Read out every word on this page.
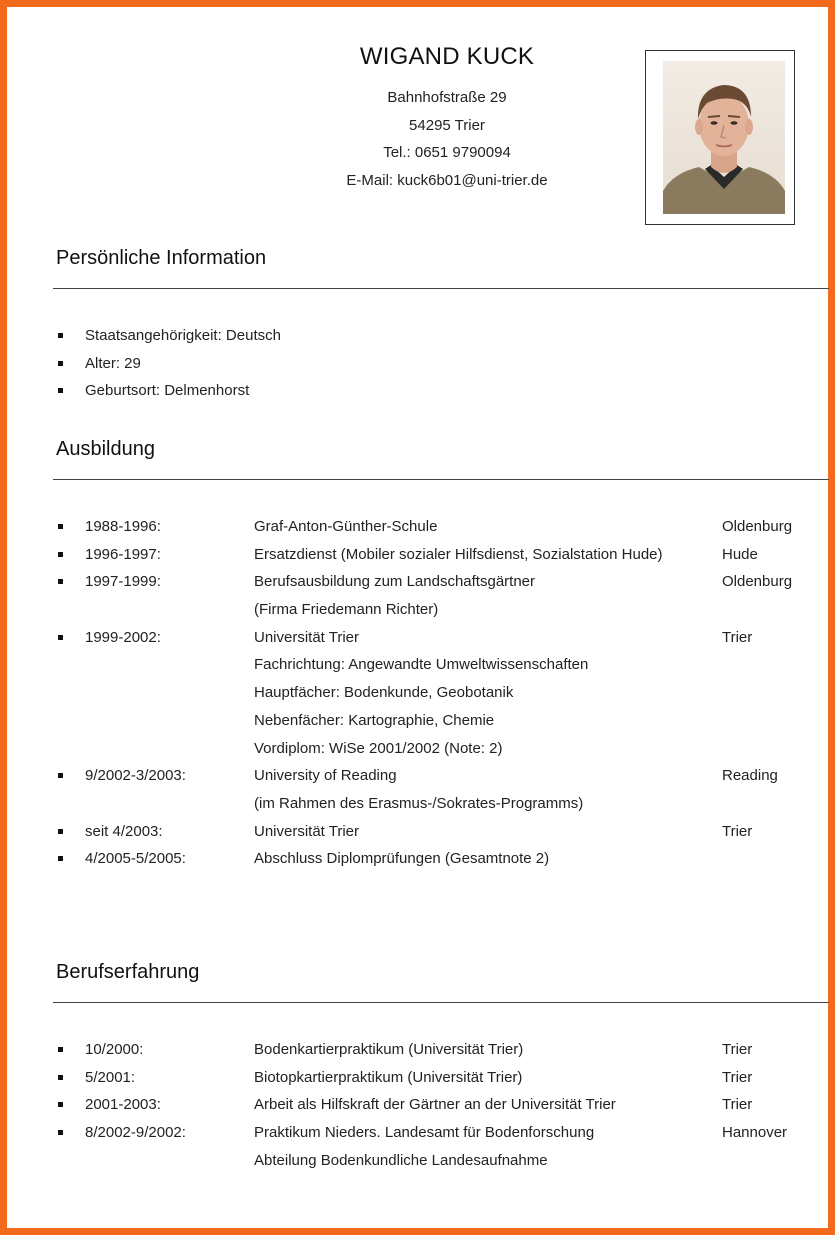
WIGAND KUCK
Bahnhofstraße 29
54295 Trier
Tel.: 0651 9790094
E-Mail: kuck6b01@uni-trier.de
Persönliche Information
Staatsangehörigkeit: Deutsch
Alter: 29
Geburtsort: Delmenhorst
Ausbildung
1988-1996:	Graf-Anton-Günther-Schule	Oldenburg
1996-1997:	Ersatzdienst (Mobiler sozialer Hilfsdienst, Sozialstation Hude)	Hude
1997-1999:	Berufsausbildung zum Landschaftsgärtner	Oldenburg
(Firma Friedemann Richter)
1999-2002:	Universität Trier	Trier
Fachrichtung: Angewandte Umweltwissenschaften
Hauptfächer: Bodenkunde, Geobotanik
Nebenfächer: Kartographie, Chemie
Vordiplom: WiSe 2001/2002 (Note: 2)
9/2002-3/2003:	University of Reading	Reading
(im Rahmen des Erasmus-/Sokrates-Programms)
seit 4/2003:	Universität Trier	Trier
4/2005-5/2005:	Abschluss Diplomprüfungen (Gesamtnote 2)
Berufserfahrung
10/2000:	Bodenkartierpraktikum (Universität Trier)	Trier
5/2001:	Biotopkartierpraktikum (Universität Trier)	Trier
2001-2003:	Arbeit als Hilfskraft der Gärtner an der Universität Trier	Trier
8/2002-9/2002:	Praktikum Nieders. Landesamt für Bodenforschung	Hannover
Abteilung Bodenkundliche Landesaufnahme
